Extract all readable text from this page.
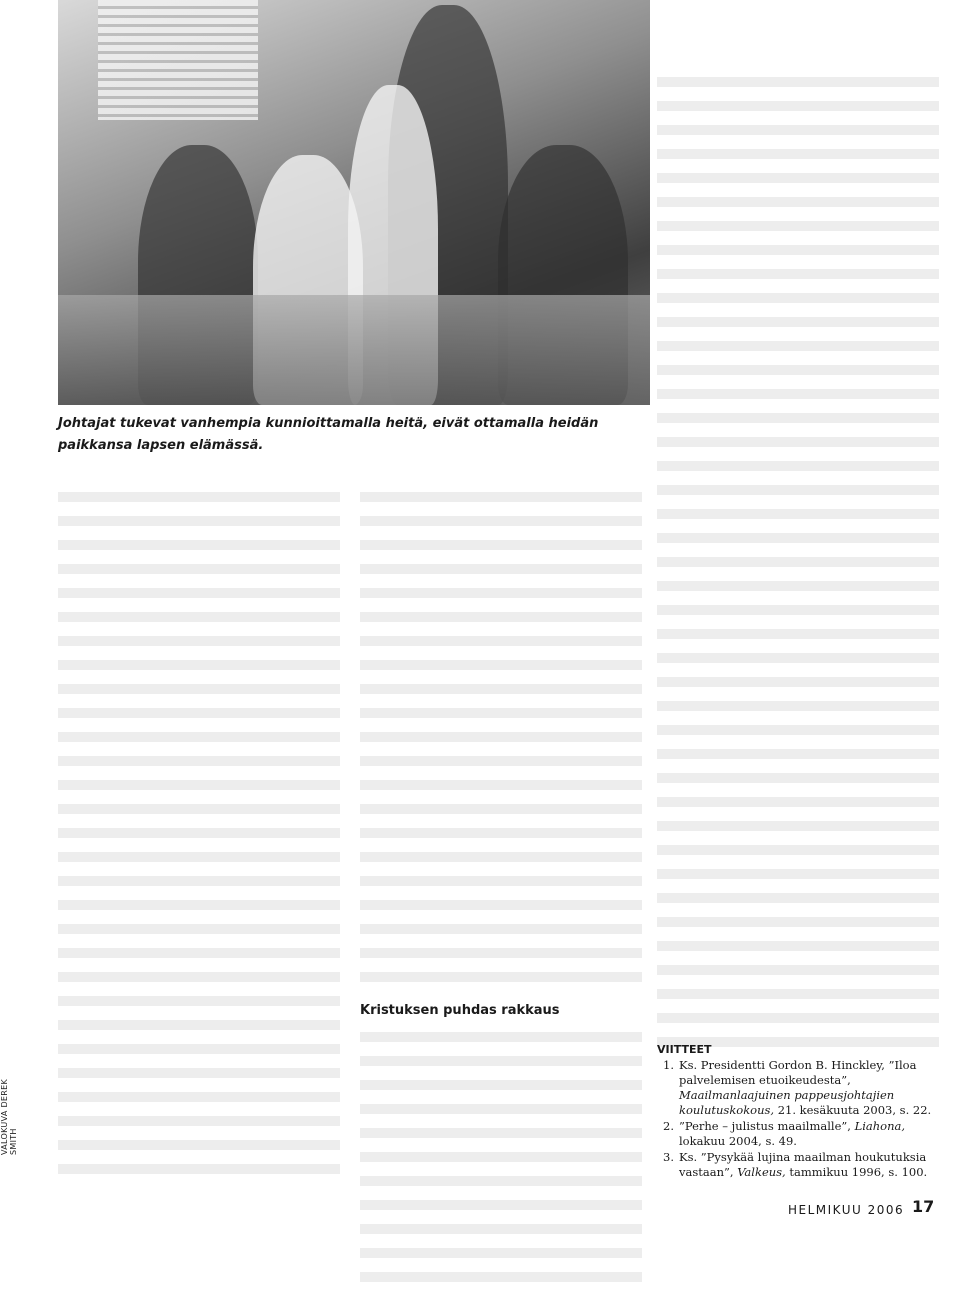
VALOKUVA DEREK SMITH
Johtajat tukevat vanhempia kunnioittamalla heitä, eivät ottamalla heidän paikkansa lapsen elämässä.
Kristuksen puhdas rakkaus
VIITTEET
1. Ks. Presidentti Gordon B. Hinckley, ”Iloa palvelemisen etuoikeudesta”, Maailmanlaajuinen pappeusjohtajien koulutuskokous, 21. kesäkuuta 2003, s. 22.
2. ”Perhe – julistus maailmalle”, Liahona, lokakuu 2004, s. 49.
3. Ks. ”Pysykää lujina maailman houkutuksia vastaan”, Valkeus, tammikuu 1996, s. 100.
HELMIKUU 2006 17
